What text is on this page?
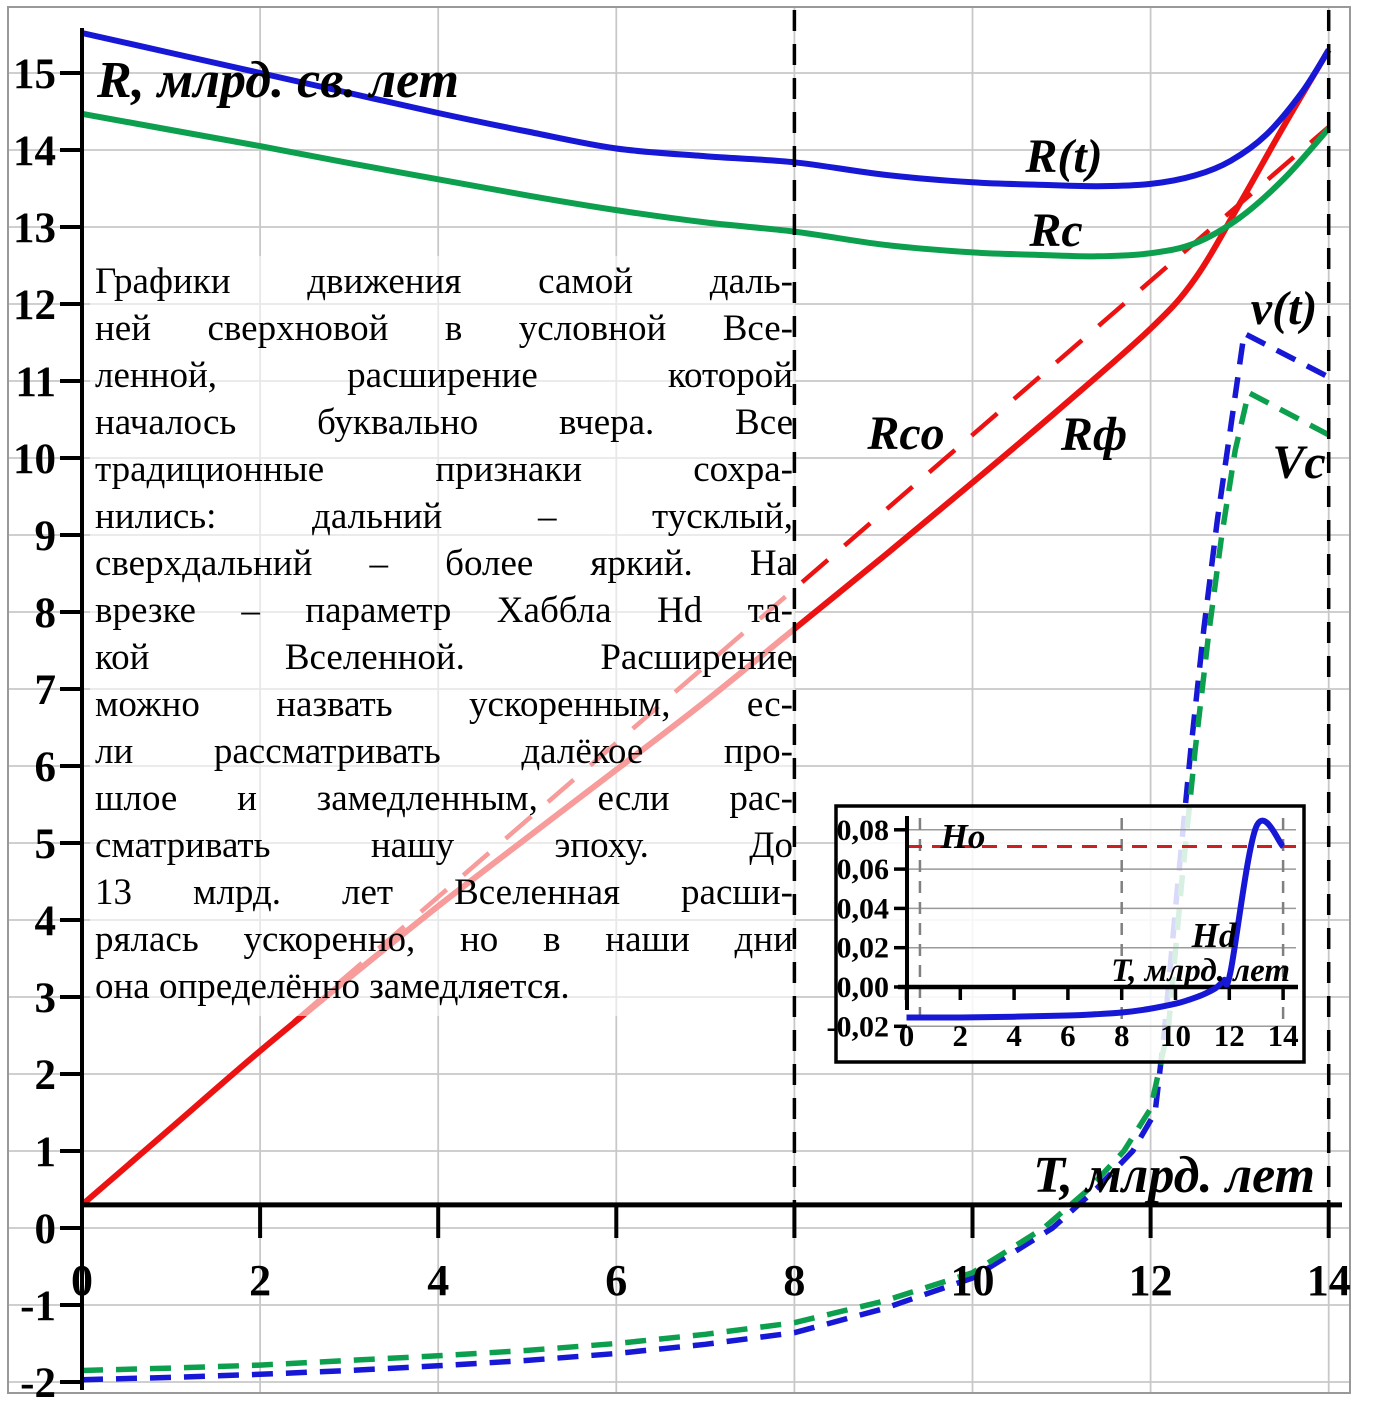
-2
-1
0
1
2
3
4
5
6
7
8
9
10
11
12
13
14
15
0	2	4	6	8	10	12	14
R, млрд. св. лет
T, млрд. лет
R(t)
Rc
Rco Rф
v(t)
Vc
-0,02
0,00
0,02
0,04
0,06
0,08
0 2 4 6 8 10 12 14
Ho
Hd
T, млрд. лет
Графики движения самой даль-
ней сверхновой в условной Все-
ленной, расширение которой
началось буквально вчера. Все
традиционные признаки сохра-
нились: дальний – тусклый,
сверхдальний – более яркий. На
врезке – параметр Хаббла Hd та-
кой Вселенной. Расширение
можно назвать ускоренным, ес-
ли рассматривать далёкое про-
шлое и замедленным, если рас-
сматривать нашу эпоху. До
13 млрд. лет Вселенная расши-
рялась ускоренно, но в наши дни
она определённо замедляется.
